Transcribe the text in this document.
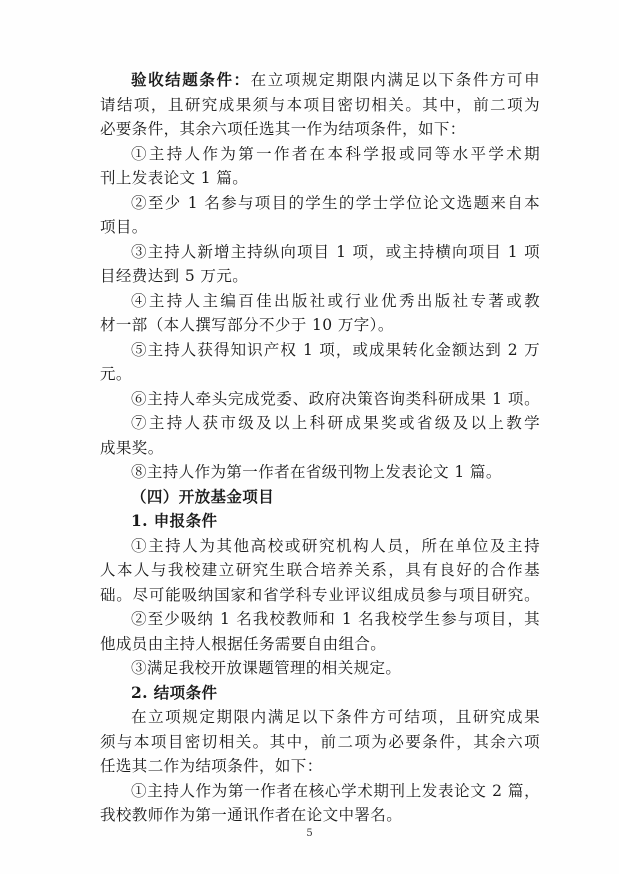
验收结题条件：在立项规定期限内满足以下条件方可申
请结项，且研究成果须与本项目密切相关。其中，前二项为
必要条件，其余六项任选其一作为结项条件，如下：
①主持人作为第一作者在本科学报或同等水平学术期
刊上发表论文 1 篇。
②至少 1 名参与项目的学生的学士学位论文选题来自本
项目。
③主持人新增主持纵向项目 1 项，或主持横向项目 1 项
目经费达到 5 万元。
④主持人主编百佳出版社或行业优秀出版社专著或教
材一部（本人撰写部分不少于 10 万字）。
⑤主持人获得知识产权 1 项，或成果转化金额达到 2 万
元。
⑥主持人牵头完成党委、政府决策咨询类科研成果 1 项。
⑦主持人获市级及以上科研成果奖或省级及以上教学
成果奖。
⑧主持人作为第一作者在省级刊物上发表论文 1 篇。
（四）开放基金项目
1. 申报条件
①主持人为其他高校或研究机构人员，所在单位及主持
人本人与我校建立研究生联合培养关系，具有良好的合作基
础。尽可能吸纳国家和省学科专业评议组成员参与项目研究。
②至少吸纳 1 名我校教师和 1 名我校学生参与项目，其
他成员由主持人根据任务需要自由组合。
③满足我校开放课题管理的相关规定。
2. 结项条件
在立项规定期限内满足以下条件方可结项，且研究成果
须与本项目密切相关。其中，前二项为必要条件，其余六项
任选其二作为结项条件，如下：
①主持人作为第一作者在核心学术期刊上发表论文 2 篇，
我校教师作为第一通讯作者在论文中署名。
5
